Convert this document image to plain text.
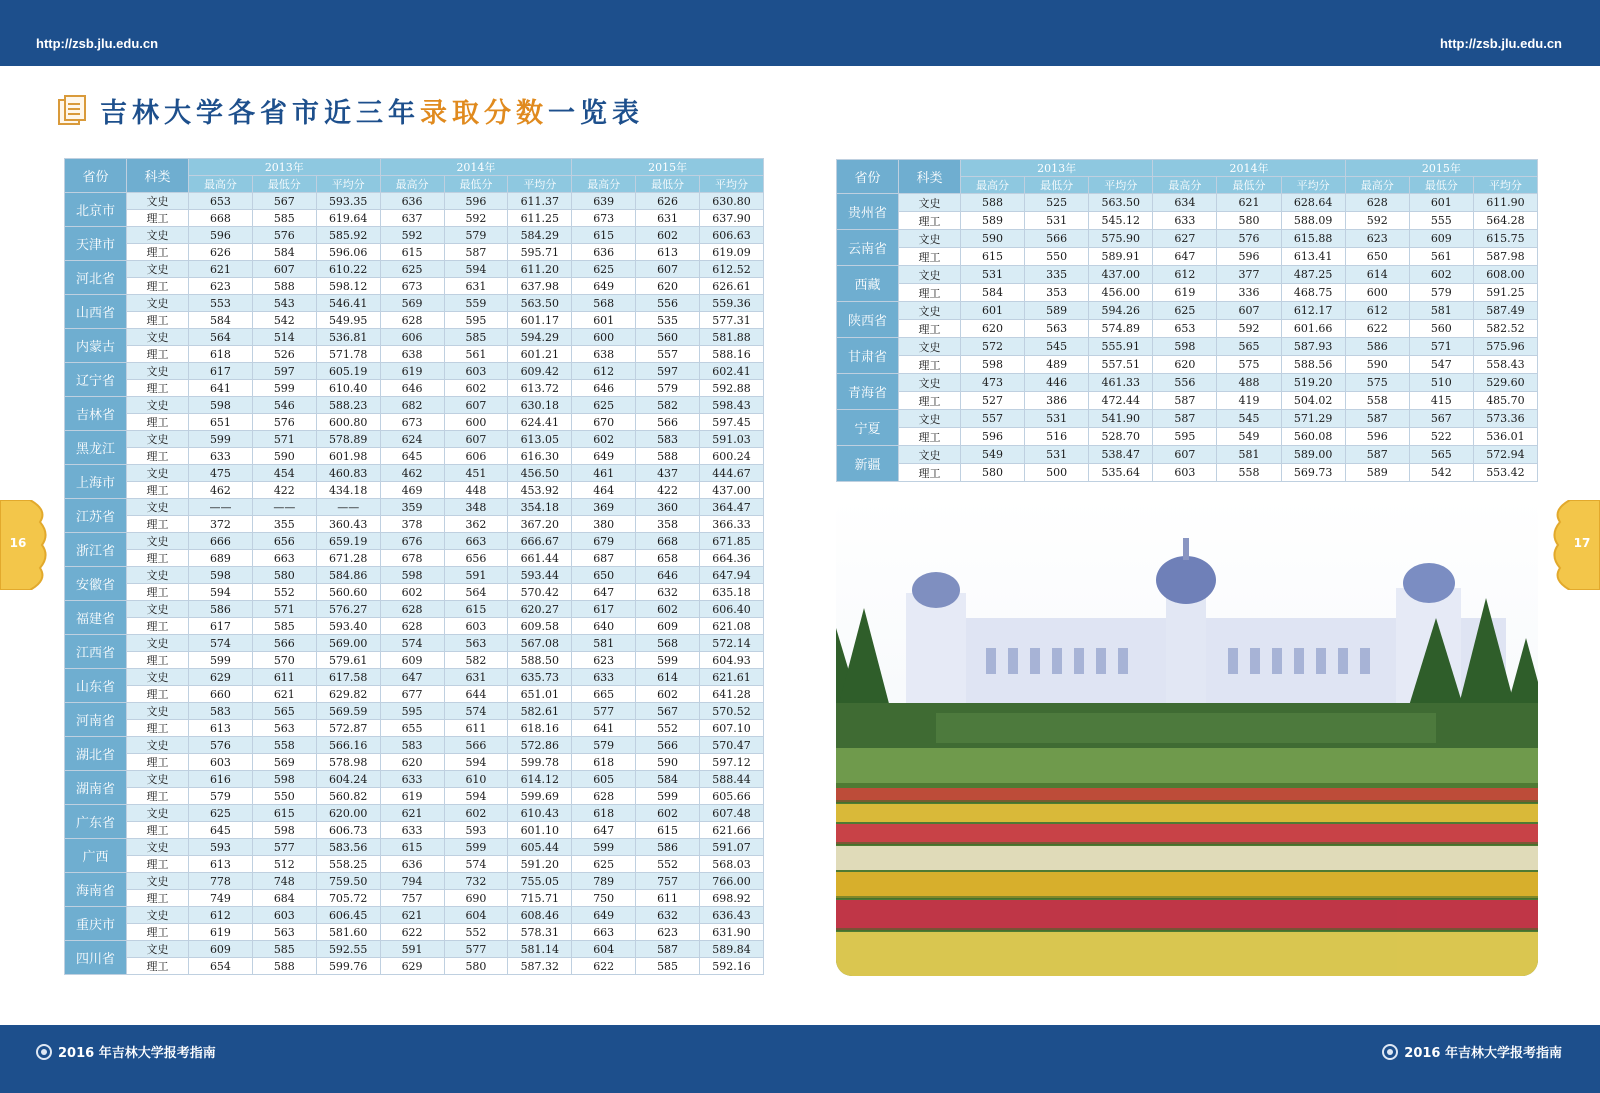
http://zsb.jlu.edu.cn	http://zsb.jlu.edu.cn
吉林大学各省市近三年录取分数一览表
省份	科类	2013年			2014年			2015年		
		最高分	最低分	平均分	最高分	最低分	平均分	最高分	最低分	平均分
北京市	文史	653	567	593.35	636	596	611.37	639	626	630.80
	理工	668	585	619.64	637	592	611.25	673	631	637.90
天津市	文史	596	576	585.92	592	579	584.29	615	602	606.63
	理工	626	584	596.06	615	587	595.71	636	613	619.09
河北省	文史	621	607	610.22	625	594	611.20	625	607	612.52
	理工	623	588	598.12	673	631	637.98	649	620	626.61
山西省	文史	553	543	546.41	569	559	563.50	568	556	559.36
	理工	584	542	549.95	628	595	601.17	601	535	577.31
内蒙古	文史	564	514	536.81	606	585	594.29	600	560	581.88
	理工	618	526	571.78	638	561	601.21	638	557	588.16
辽宁省	文史	617	597	605.19	619	603	609.42	612	597	602.41
	理工	641	599	610.40	646	602	613.72	646	579	592.88
吉林省	文史	598	546	588.23	682	607	630.18	625	582	598.43
	理工	651	576	600.80	673	600	624.41	670	566	597.45
黑龙江	文史	599	571	578.89	624	607	613.05	602	583	591.03
	理工	633	590	601.98	645	606	616.30	649	588	600.24
上海市	文史	475	454	460.83	462	451	456.50	461	437	444.67
	理工	462	422	434.18	469	448	453.92	464	422	437.00
江苏省	文史	——	——	——	359	348	354.18	369	360	364.47
	理工	372	355	360.43	378	362	367.20	380	358	366.33
浙江省	文史	666	656	659.19	676	663	666.67	679	668	671.85
	理工	689	663	671.28	678	656	661.44	687	658	664.36
安徽省	文史	598	580	584.86	598	591	593.44	650	646	647.94
	理工	594	552	560.60	602	564	570.42	647	632	635.18
福建省	文史	586	571	576.27	628	615	620.27	617	602	606.40
	理工	617	585	593.40	628	603	609.58	640	609	621.08
江西省	文史	574	566	569.00	574	563	567.08	581	568	572.14
	理工	599	570	579.61	609	582	588.50	623	599	604.93
山东省	文史	629	611	617.58	647	631	635.73	633	614	621.61
	理工	660	621	629.82	677	644	651.01	665	602	641.28
河南省	文史	583	565	569.59	595	574	582.61	577	567	570.52
	理工	613	563	572.87	655	611	618.16	641	552	607.10
湖北省	文史	576	558	566.16	583	566	572.86	579	566	570.47
	理工	603	569	578.98	620	594	599.78	618	590	597.12
湖南省	文史	616	598	604.24	633	610	614.12	605	584	588.44
	理工	579	550	560.82	619	594	599.69	628	599	605.66
广东省	文史	625	615	620.00	621	602	610.43	618	602	607.48
	理工	645	598	606.73	633	593	601.10	647	615	621.66
广西	文史	593	577	583.56	615	599	605.44	599	586	591.07
	理工	613	512	558.25	636	574	591.20	625	552	568.03
海南省	文史	778	748	759.50	794	732	755.05	789	757	766.00
	理工	749	684	705.72	757	690	715.71	750	611	698.92
重庆市	文史	612	603	606.45	621	604	608.46	649	632	636.43
	理工	619	563	581.60	622	552	578.31	663	623	631.90
四川省	文史	609	585	592.55	591	577	581.14	604	587	589.84
	理工	654	588	599.76	629	580	587.32	622	585	592.16
省份	科类	2013年			2014年			2015年		
		最高分	最低分	平均分	最高分	最低分	平均分	最高分	最低分	平均分
贵州省	文史	588	525	563.50	634	621	628.64	628	601	611.90
	理工	589	531	545.12	633	580	588.09	592	555	564.28
云南省	文史	590	566	575.90	627	576	615.88	623	609	615.75
	理工	615	550	589.91	647	596	613.41	650	561	587.98
西藏	文史	531	335	437.00	612	377	487.25	614	602	608.00
	理工	584	353	456.00	619	336	468.75	600	579	591.25
陕西省	文史	601	589	594.26	625	607	612.17	612	581	587.49
	理工	620	563	574.89	653	592	601.66	622	560	582.52
甘肃省	文史	572	545	555.91	598	565	587.93	586	571	575.96
	理工	598	489	557.51	620	575	588.56	590	547	558.43
青海省	文史	473	446	461.33	556	488	519.20	575	510	529.60
	理工	527	386	472.44	587	419	504.02	558	415	485.70
宁夏	文史	557	531	541.90	587	545	571.29	587	567	573.36
	理工	596	516	528.70	595	549	560.08	596	522	536.01
新疆	文史	549	531	538.47	607	581	589.00	587	565	572.94
	理工	580	500	535.64	603	558	569.73	589	542	553.42
16	17
2016 年吉林大学报考指南	2016 年吉林大学报考指南
